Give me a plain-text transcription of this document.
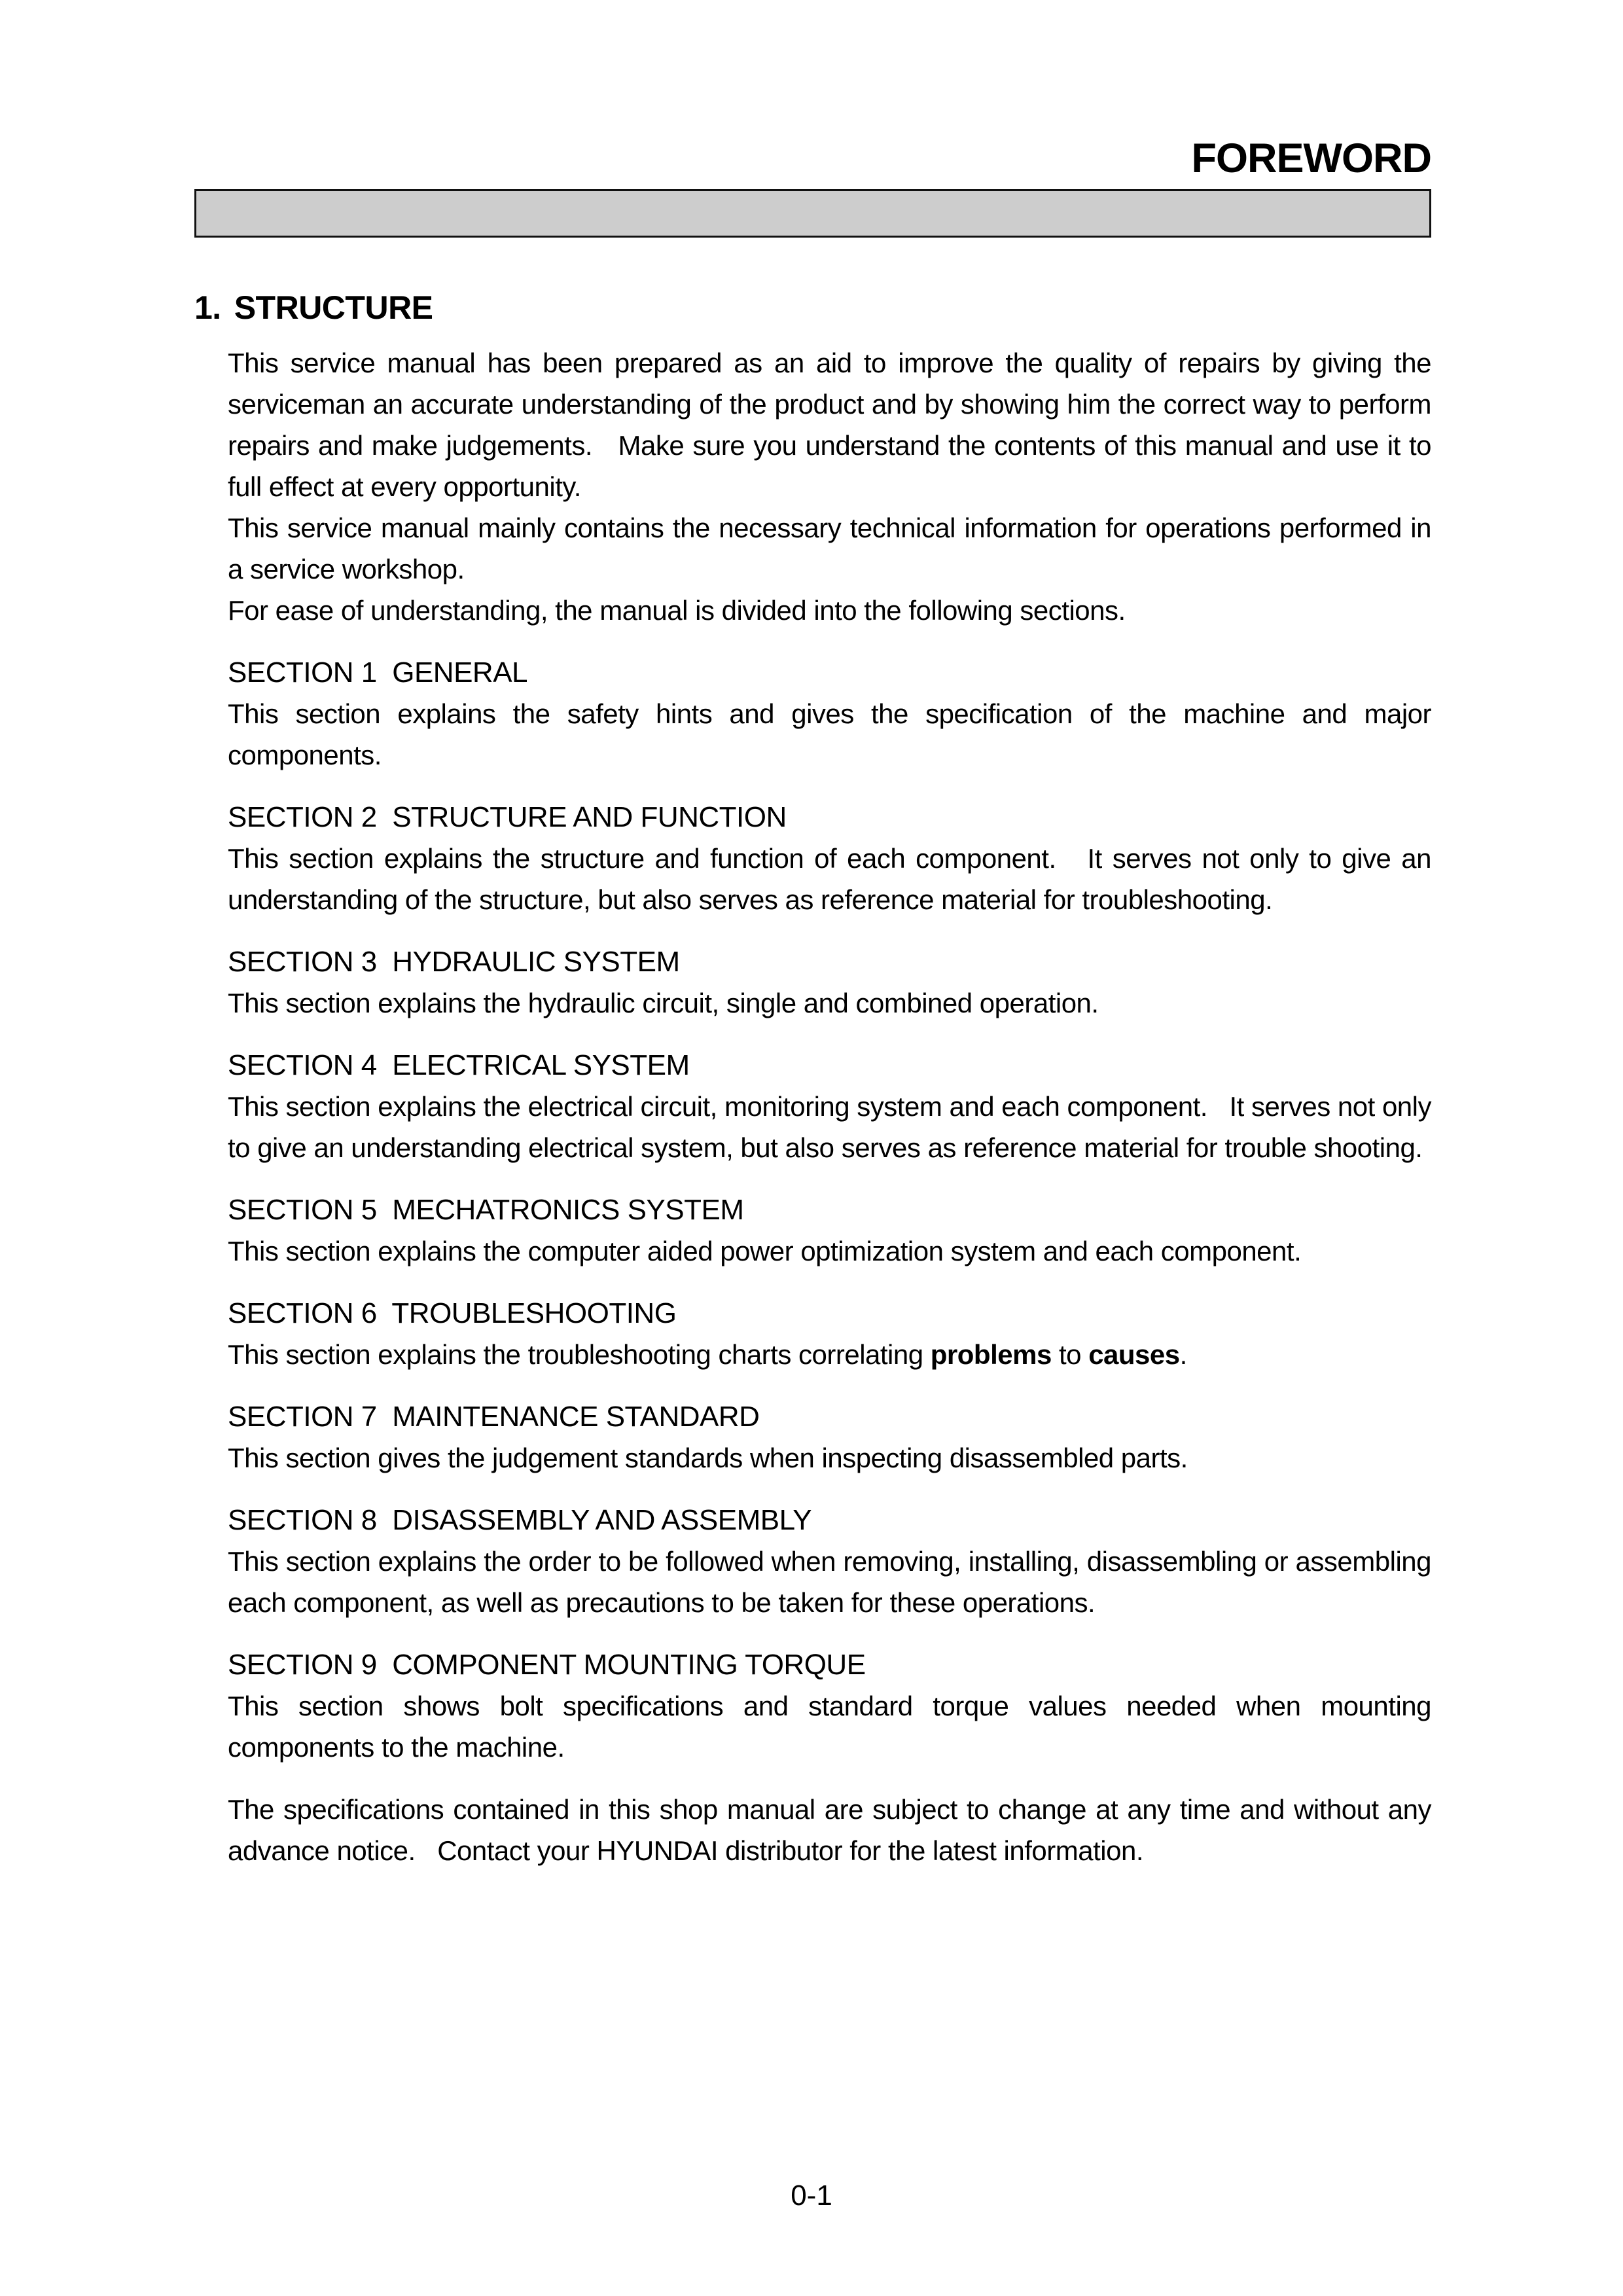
FOREWORD
1. STRUCTURE

This service manual has been prepared as an aid to improve the quality of repairs by giving the serviceman an accurate understanding of the product and by showing him the correct way to perform repairs and make judgements.   Make sure you understand the contents of this manual and use it to full effect at every opportunity.

This service manual mainly contains the necessary technical information for operations performed in a service workshop.

For ease of understanding, the manual is divided into the following sections.

SECTION 1  GENERAL

This section explains the safety hints and gives the specification of the machine and major components.

SECTION 2  STRUCTURE AND FUNCTION

This section explains the structure and function of each component.   It serves not only to give an understanding of the structure, but also serves as reference material for troubleshooting.

SECTION 3  HYDRAULIC SYSTEM

This section explains the hydraulic circuit, single and combined operation.

SECTION 4  ELECTRICAL SYSTEM

This section explains the electrical circuit, monitoring system and each component.   It serves not only to give an understanding electrical system, but also serves as reference material for trouble shooting.

SECTION 5  MECHATRONICS SYSTEM

This section explains the computer aided power optimization system and each component.

SECTION 6  TROUBLESHOOTING

This section explains the troubleshooting charts correlating problems to causes.

SECTION 7  MAINTENANCE STANDARD

This section gives the judgement standards when inspecting disassembled parts.

SECTION 8  DISASSEMBLY AND ASSEMBLY

This section explains the order to be followed when removing, installing, disassembling or assembling each component, as well as precautions to be taken for these operations.

SECTION 9  COMPONENT MOUNTING TORQUE

This section shows bolt specifications and standard torque values needed when mounting components to the machine.

The specifications contained in this shop manual are subject to change at any time and without any advance notice.   Contact your HYUNDAI distributor for the latest information.

0-1
